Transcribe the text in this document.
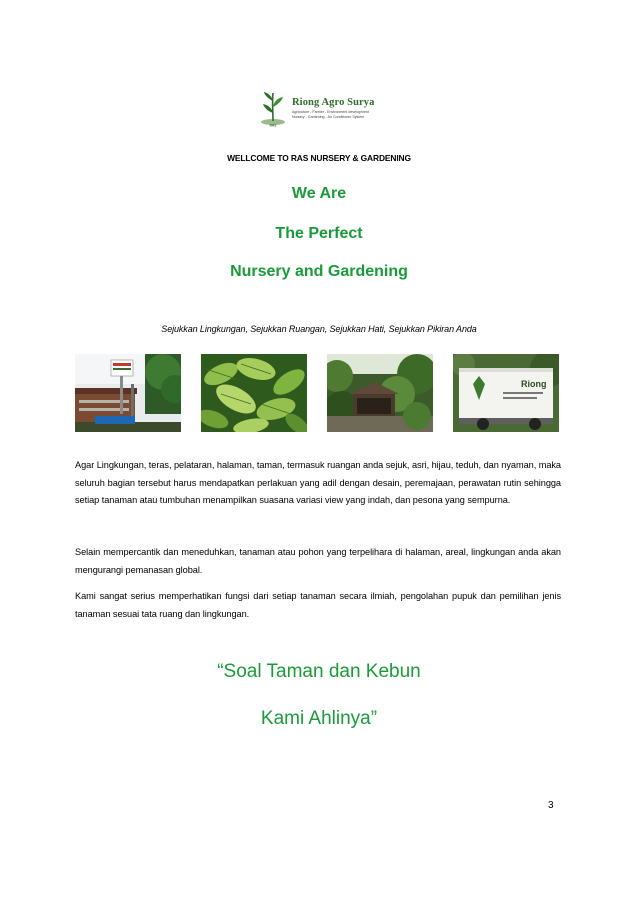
RAS
Riong Agro Surya
Agriculture - Farmer - Environment development
Nursery - Gardening - Air Conditioner System
WELLCOME TO RAS NURSERY & GARDENING
We Are
The Perfect
Nursery and Gardening
Sejukkan Lingkungan, Sejukkan Ruangan, Sejukkan Hati, Sejukkan Pikiran Anda
Riong

Agar Lingkungan, teras, pelataran, halaman, taman, termasuk ruangan anda sejuk, asri, hijau, teduh, dan nyaman, maka seluruh bagian tersebut harus mendapatkan perlakuan yang adil dengan desain, peremajaan, perawatan rutin sehingga setiap tanaman atau tumbuhan menampilkan suasana variasi view yang indah, dan pesona yang sempurna.

Selain mempercantik dan meneduhkan, tanaman atau pohon yang terpelihara di halaman, areal, lingkungan anda akan mengurangi pemanasan global.

Kami sangat serius memperhatikan fungsi dari setiap tanaman secara ilmiah, pengolahan pupuk dan pemilihan jenis tanaman sesuai tata ruang dan lingkungan.

“Soal Taman dan Kebun
Kami Ahlinya”
3
